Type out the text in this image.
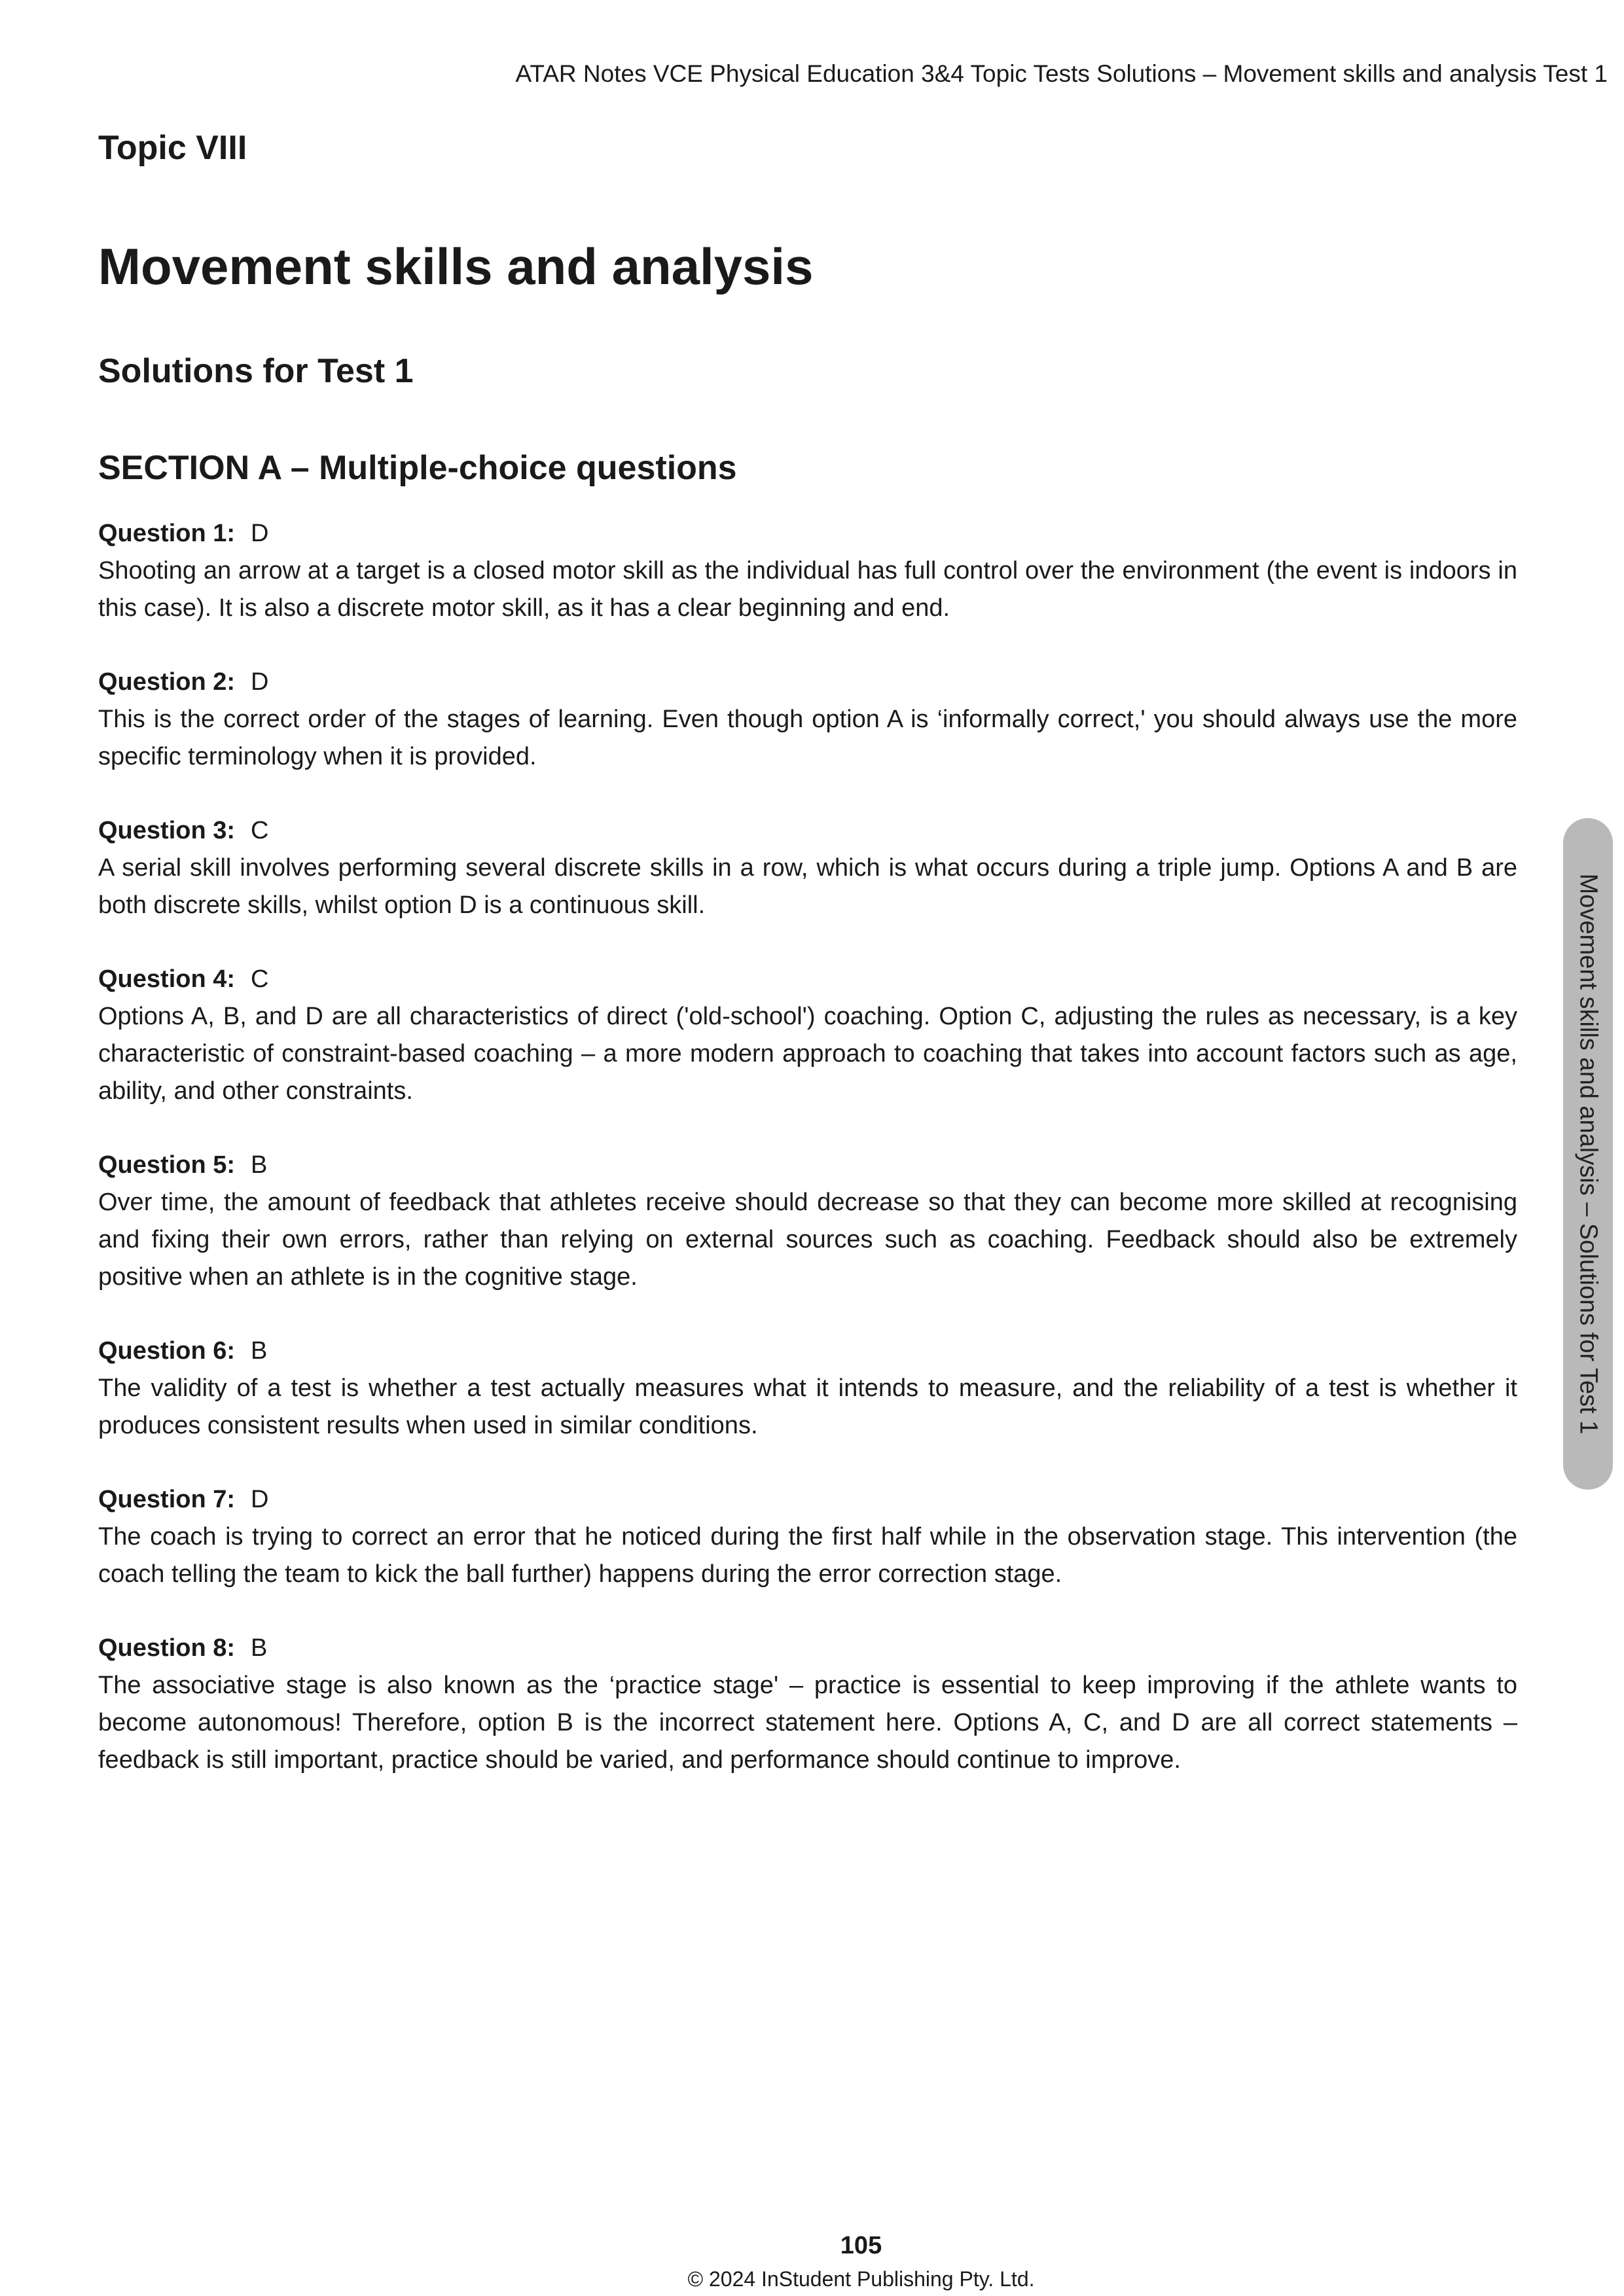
ATAR Notes VCE Physical Education 3&4 Topic Tests Solutions – Movement skills and analysis Test 1
Topic VIII
Movement skills and analysis
Solutions for Test 1
SECTION A – Multiple-choice questions
Question 1: D

Shooting an arrow at a target is a closed motor skill as the individual has full control over the environment (the event is indoors in this case). It is also a discrete motor skill, as it has a clear beginning and end.

Question 2: D

This is the correct order of the stages of learning. Even though option A is ‘informally correct,' you should always use the more specific terminology when it is provided.

Question 3: C

A serial skill involves performing several discrete skills in a row, which is what occurs during a triple jump. Options A and B are both discrete skills, whilst option D is a continuous skill.

Question 4: C

Options A, B, and D are all characteristics of direct ('old-school') coaching. Option C, adjusting the rules as necessary, is a key characteristic of constraint-based coaching – a more modern approach to coaching that takes into account factors such as age, ability, and other constraints.

Question 5: B

Over time, the amount of feedback that athletes receive should decrease so that they can become more skilled at recognising and fixing their own errors, rather than relying on external sources such as coaching. Feedback should also be extremely positive when an athlete is in the cognitive stage.

Question 6: B

The validity of a test is whether a test actually measures what it intends to measure, and the reliability of a test is whether it produces consistent results when used in similar conditions.

Question 7: D

The coach is trying to correct an error that he noticed during the first half while in the observation stage. This intervention (the coach telling the team to kick the ball further) happens during the error correction stage.

Question 8: B

The associative stage is also known as the ‘practice stage' – practice is essential to keep improving if the athlete wants to become autonomous! Therefore, option B is the incorrect statement here. Options A, C, and D are all correct statements – feedback is still important, practice should be varied, and performance should continue to improve.

Movement skills and analysis – Solutions for Test 1
105
© 2024 InStudent Publishing Pty. Ltd.
